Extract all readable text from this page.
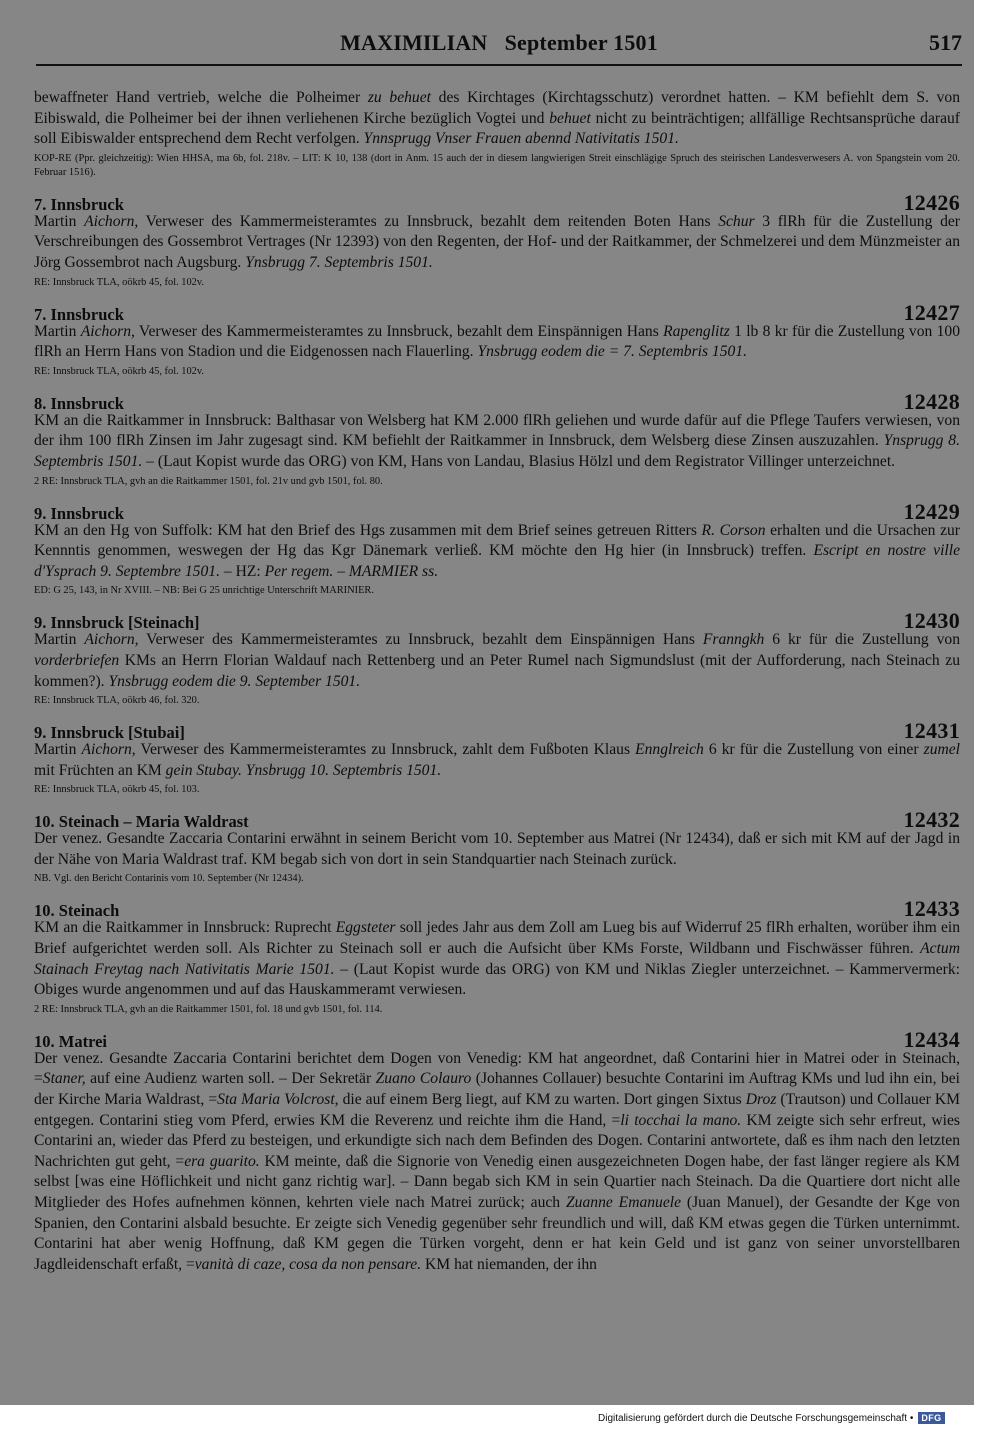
MAXIMILIAN   September 1501	517

bewaffneter Hand vertrieb, welche die Polheimer zu behuet des Kirchtages (Kirchtagsschutz) verordnet hatten. – KM befiehlt dem S. von Eibiswald, die Polheimer bei der ihnen verliehenen Kirche bezüglich Vogtei und behuet nicht zu beinträchtigen; allfällige Rechtsansprüche darauf soll Eibiswalder entsprechend dem Recht verfolgen. Ynnsprugg Vnser Frauen abennd Nativitatis 1501.

KOP-RE (Ppr. gleichzeitig): Wien HHSA, ma 6b, fol. 218v. – LIT: K 10, 138 (dort in Anm. 15 auch der in diesem langwierigen Streit einschlägige Spruch des steirischen Landesverwesers A. von Spangstein vom 20. Februar 1516).

7. Innsbruck	12426

Martin Aichorn, Verweser des Kammermeisteramtes zu Innsbruck, bezahlt dem reitenden Boten Hans Schur 3 flRh für die Zustellung der Verschreibungen des Gossembrot Vertrages (Nr 12393) von den Regenten, der Hof- und der Raitkammer, der Schmelzerei und dem Münzmeister an Jörg Gossembrot nach Augsburg. Ynsbrugg 7. Septembris 1501.

RE: Innsbruck TLA, oökrb 45, fol. 102v.

7. Innsbruck	12427

Martin Aichorn, Verweser des Kammermeisteramtes zu Innsbruck, bezahlt dem Einspännigen Hans Rapenglitz 1 lb 8 kr für die Zustellung von 100 flRh an Herrn Hans von Stadion und die Eidgenossen nach Flauerling. Ynsbrugg eodem die = 7. Septembris 1501.

RE: Innsbruck TLA, oökrb 45, fol. 102v.

8. Innsbruck	12428

KM an die Raitkammer in Innsbruck: Balthasar von Welsberg hat KM 2.000 flRh geliehen und wurde dafür auf die Pflege Taufers verwiesen, von der ihm 100 flRh Zinsen im Jahr zugesagt sind. KM befiehlt der Raitkammer in Innsbruck, dem Welsberg diese Zinsen auszuzahlen. Ynsprugg 8. Septembris 1501. – (Laut Kopist wurde das ORG) von KM, Hans von Landau, Blasius Hölzl und dem Registrator Villinger unterzeichnet.

2 RE: Innsbruck TLA, gvh an die Raitkammer 1501, fol. 21v und gvb 1501, fol. 80.

9. Innsbruck	12429

KM an den Hg von Suffolk: KM hat den Brief des Hgs zusammen mit dem Brief seines getreuen Ritters R. Corson erhalten und die Ursachen zur Kennntis genommen, weswegen der Hg das Kgr Dänemark verließ. KM möchte den Hg hier (in Innsbruck) treffen. Escript en nostre ville d'Ysprach 9. Septembre 1501. – HZ: Per regem. – MARMIER ss.

ED: G 25, 143, in Nr XVIII. – NB: Bei G 25 unrichtige Unterschrift MARINIER.

9. Innsbruck [Steinach]	12430

Martin Aichorn, Verweser des Kammermeisteramtes zu Innsbruck, bezahlt dem Einspännigen Hans Franngkh 6 kr für die Zustellung von vorderbriefen KMs an Herrn Florian Waldauf nach Rettenberg und an Peter Rumel nach Sigmundslust (mit der Aufforderung, nach Steinach zu kommen?). Ynsbrugg eodem die 9. September 1501.

RE: Innsbruck TLA, oökrb 46, fol. 320.

9. Innsbruck [Stubai]	12431

Martin Aichorn, Verweser des Kammermeisteramtes zu Innsbruck, zahlt dem Fußboten Klaus Ennglreich 6 kr für die Zustellung von einer zumel mit Früchten an KM gein Stubay. Ynsbrugg 10. Septembris 1501.

RE: Innsbruck TLA, oökrb 45, fol. 103.

10. Steinach – Maria Waldrast	12432

Der venez. Gesandte Zaccaria Contarini erwähnt in seinem Bericht vom 10. September aus Matrei (Nr 12434), daß er sich mit KM auf der Jagd in der Nähe von Maria Waldrast traf. KM begab sich von dort in sein Standquartier nach Steinach zurück.

NB. Vgl. den Bericht Contarinis vom 10. September (Nr 12434).

10. Steinach	12433

KM an die Raitkammer in Innsbruck: Ruprecht Eggsteter soll jedes Jahr aus dem Zoll am Lueg bis auf Widerruf 25 flRh erhalten, worüber ihm ein Brief aufgerichtet werden soll. Als Richter zu Steinach soll er auch die Aufsicht über KMs Forste, Wildbann und Fischwässer führen. Actum Stainach Freytag nach Nativitatis Marie 1501. – (Laut Kopist wurde das ORG) von KM und Niklas Ziegler unterzeichnet. – Kammervermerk: Obiges wurde angenommen und auf das Hauskammeramt verwiesen.

2 RE: Innsbruck TLA, gvh an die Raitkammer 1501, fol. 18 und gvb 1501, fol. 114.

10. Matrei	12434

Der venez. Gesandte Zaccaria Contarini berichtet dem Dogen von Venedig: KM hat angeordnet, daß Contarini hier in Matrei oder in Steinach, =Staner, auf eine Audienz warten soll. – Der Sekretär Zuano Colauro (Johannes Collauer) besuchte Contarini im Auftrag KMs und lud ihn ein, bei der Kirche Maria Waldrast, =Sta Maria Volcrost, die auf einem Berg liegt, auf KM zu warten. Dort gingen Sixtus Droz (Trautson) und Collauer KM entgegen. Contarini stieg vom Pferd, erwies KM die Reverenz und reichte ihm die Hand, =li tocchai la mano. KM zeigte sich sehr erfreut, wies Contarini an, wieder das Pferd zu besteigen, und erkundigte sich nach dem Befinden des Dogen. Contarini antwortete, daß es ihm nach den letzten Nachrichten gut geht, =era guarito. KM meinte, daß die Signorie von Venedig einen ausgezeichneten Dogen habe, der fast länger regiere als KM selbst [was eine Höflichkeit und nicht ganz richtig war]. – Dann begab sich KM in sein Quartier nach Steinach. Da die Quartiere dort nicht alle Mitglieder des Hofes aufnehmen können, kehrten viele nach Matrei zurück; auch Zuanne Emanuele (Juan Manuel), der Gesandte der Kge von Spanien, den Contarini alsbald besuchte. Er zeigte sich Venedig gegenüber sehr freundlich und will, daß KM etwas gegen die Türken unternimmt. Contarini hat aber wenig Hoffnung, daß KM gegen die Türken vorgeht, denn er hat kein Geld und ist ganz von seiner unvorstellbaren Jagdleidenschaft erfaßt, =vanità di caze, cosa da non pensare. KM hat niemanden, der ihn

Digitalisierung gefördert durch die Deutsche Forschungsgemeinschaft • DFG
